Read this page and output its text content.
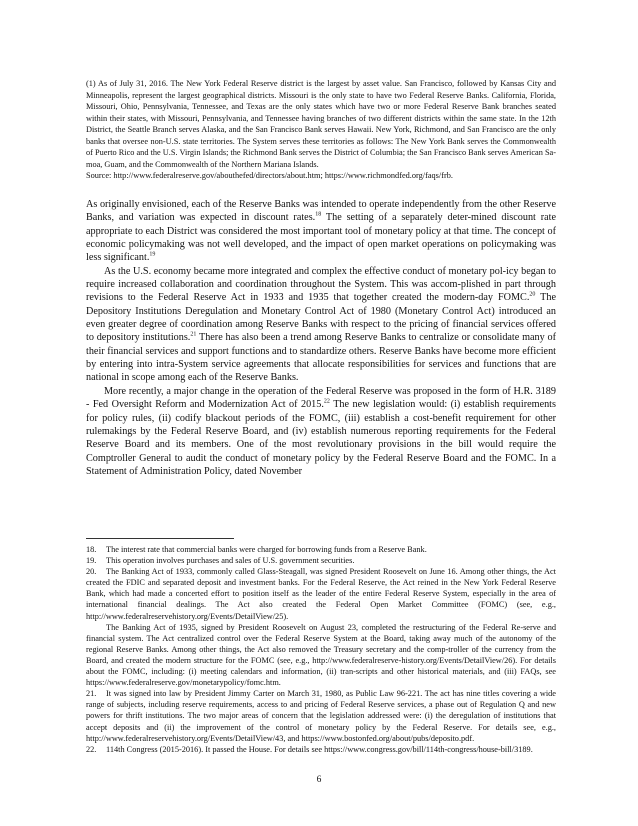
(1) As of July 31, 2016. The New York Federal Reserve district is the largest by asset value. San Francisco, followed by Kansas City and Minneapolis, represent the largest geographical districts. Missouri is the only state to have two Federal Reserve Banks. California, Florida, Missouri, Ohio, Pennsylvania, Tennessee, and Texas are the only states which have two or more Federal Reserve Bank branches seated within their states, with Missouri, Pennsylvania, and Tennessee having branches of two different districts within the same state. In the 12th District, the Seattle Branch serves Alaska, and the San Francisco Bank serves Hawaii. New York, Richmond, and San Francisco are the only banks that oversee non-U.S. state territories. The System serves these territories as follows: The New York Bank serves the Commonwealth of Puerto Rico and the U.S. Virgin Islands; the Richmond Bank serves the District of Columbia; the San Francisco Bank serves American Sa-moa, Guam, and the Commonwealth of the Northern Mariana Islands.

Source: http://www.federalreserve.gov/abouthefed/directors/about.htm; https://www.richmondfed.org/faqs/frb.

As originally envisioned, each of the Reserve Banks was intended to operate independently from the other Reserve Banks, and variation was expected in discount rates.$^{18}$ The setting of a separately deter-mined discount rate appropriate to each District was considered the most important tool of monetary policy at that time. The concept of economic policymaking was not well developed, and the impact of open market operations on policymaking was less significant.$^{19}$

As the U.S. economy became more integrated and complex the effective conduct of monetary pol-icy began to require increased collaboration and coordination throughout the System. This was accom-plished in part through revisions to the Federal Reserve Act in 1933 and 1935 that together created the modern-day FOMC.$^{20}$ The Depository Institutions Deregulation and Monetary Control Act of 1980 (Monetary Control Act) introduced an even greater degree of coordination among Reserve Banks with respect to the pricing of financial services offered to depository institutions.$^{21}$ There has also been a trend among Reserve Banks to centralize or consolidate many of their financial services and support functions and to standardize others. Reserve Banks have become more efficient by entering into intra-System service agreements that allocate responsibilities for services and functions that are national in scope among each of the Reserve Banks.

More recently, a major change in the operation of the Federal Reserve was proposed in the form of H.R. 3189 - Fed Oversight Reform and Modernization Act of 2015.22 The new legislation would: (i) establish requirements for policy rules, (ii) codify blackout periods of the FOMC, (iii) establish a cost-benefit requirement for other rulemakings by the Federal Reserve Board, and (iv) establish numerous reporting requirements for the Federal Reserve Board and its members. One of the most revolutionary provisions in the bill would require the Comptroller General to audit the conduct of monetary policy by the Federal Reserve Board and the FOMC. In a Statement of Administration Policy, dated November

18. The interest rate that commercial banks were charged for borrowing funds from a Reserve Bank.

19. This operation involves purchases and sales of U.S. government securities.

20. The Banking Act of 1933, commonly called Glass-Steagall, was signed President Roosevelt on June 16. Among other things, the Act created the FDIC and separated deposit and investment banks. For the Federal Reserve, the Act reined in the New York Federal Reserve Bank, which had made a concerted effort to position itself as the leader of the entire Federal Reserve System, especially in the area of international financial dealings. The Act also created the Federal Open Market Committee (FOMC) (see, e.g., http://www.federalreservehistory.org/Events/DetailView/25).

The Banking Act of 1935, signed by President Roosevelt on August 23, completed the restructuring of the Federal Re-serve and financial system. The Act centralized control over the Federal Reserve System at the Board, taking away much of the autonomy of the regional Reserve Banks. Among other things, the Act also removed the Treasury secretary and the comp-troller of the currency from the Board, and created the modern structure for the FOMC (see, e.g., http://www.federalreserve-history.org/Events/DetailView/26). For details about the FOMC, including: (i) meeting calendars and information, (ii) tran-scripts and other historical materials, and (iii) FAQs, see https://www.federalreserve.gov/monetarypolicy/fomc.htm.

21. It was signed into law by President Jimmy Carter on March 31, 1980, as Public Law 96-221. The act has nine titles covering a wide range of subjects, including reserve requirements, access to and pricing of Federal Reserve services, a phase out of Regulation Q and new powers for thrift institutions. The two major areas of concern that the legislation addressed were: (i) the deregulation of institutions that accept deposits and (ii) the improvement of the control of monetary policy by the Federal Reserve. For details see, e.g., http://www.federalreservehistory.org/Events/DetailView/43, and https://www.bostonfed.org/about/pubs/deposito.pdf.

22. 114th Congress (2015-2016). It passed the House. For details see https://www.congress.gov/bill/114th-congress/house-bill/3189.

6
